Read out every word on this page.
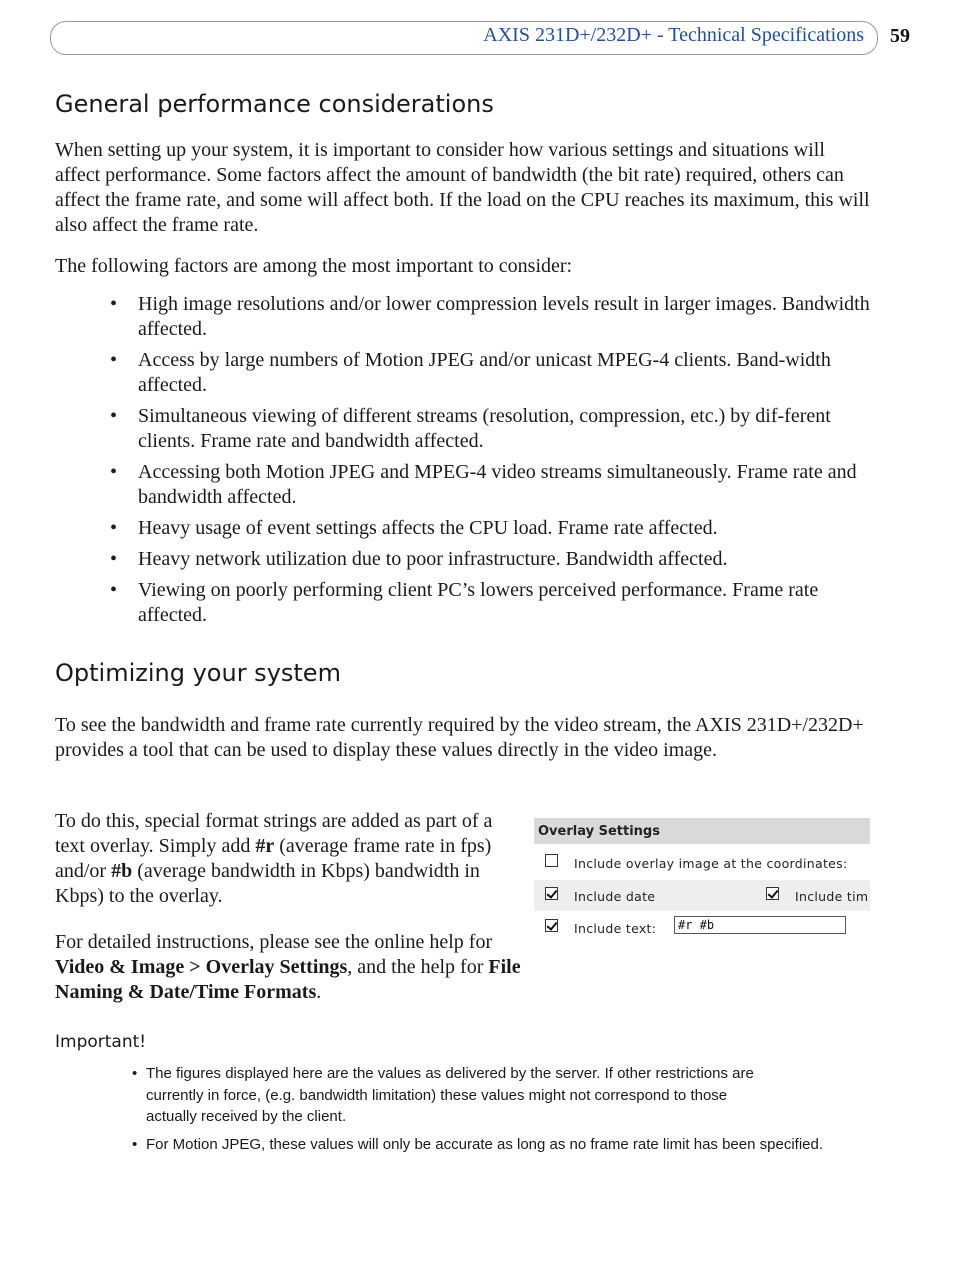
AXIS 231D+/232D+ - Technical Specifications 59
General performance considerations

When setting up your system, it is important to consider how various settings and situations will affect performance. Some factors affect the amount of bandwidth (the bit rate) required, others can affect the frame rate, and some will affect both. If the load on the CPU reaches its maximum, this will also affect the frame rate.

The following factors are among the most important to consider:

• High image resolutions and/or lower compression levels result in larger images. Bandwidth affected.
• Access by large numbers of Motion JPEG and/or unicast MPEG-4 clients. Band-width affected.
• Simultaneous viewing of different streams (resolution, compression, etc.) by dif-ferent clients. Frame rate and bandwidth affected.
• Accessing both Motion JPEG and MPEG-4 video streams simultaneously. Frame rate and bandwidth affected.
• Heavy usage of event settings affects the CPU load. Frame rate affected.
• Heavy network utilization due to poor infrastructure. Bandwidth affected.
• Viewing on poorly performing client PC’s lowers perceived performance. Frame rate affected.
Optimizing your system

To see the bandwidth and frame rate currently required by the video stream, the AXIS 231D+/232D+ provides a tool that can be used to display these values directly in the video image.

To do this, special format strings are added as part of a text overlay. Simply add #r (average frame rate in fps) and/or #b (average bandwidth in Kbps) bandwidth in Kbps) to the overlay.

For detailed instructions, please see the online help for Video & Image > Overlay Settings, and the help for File Naming & Date/Time Formats.

Overlay Settings
Include overlay image at the coordinates:
Include date	Include tim
Include text:	#r #b
Important!
• The figures displayed here are the values as delivered by the server. If other restrictions are currently in force, (e.g. bandwidth limitation) these values might not correspond to those actually received by the client.
• For Motion JPEG, these values will only be accurate as long as no frame rate limit has been specified.
